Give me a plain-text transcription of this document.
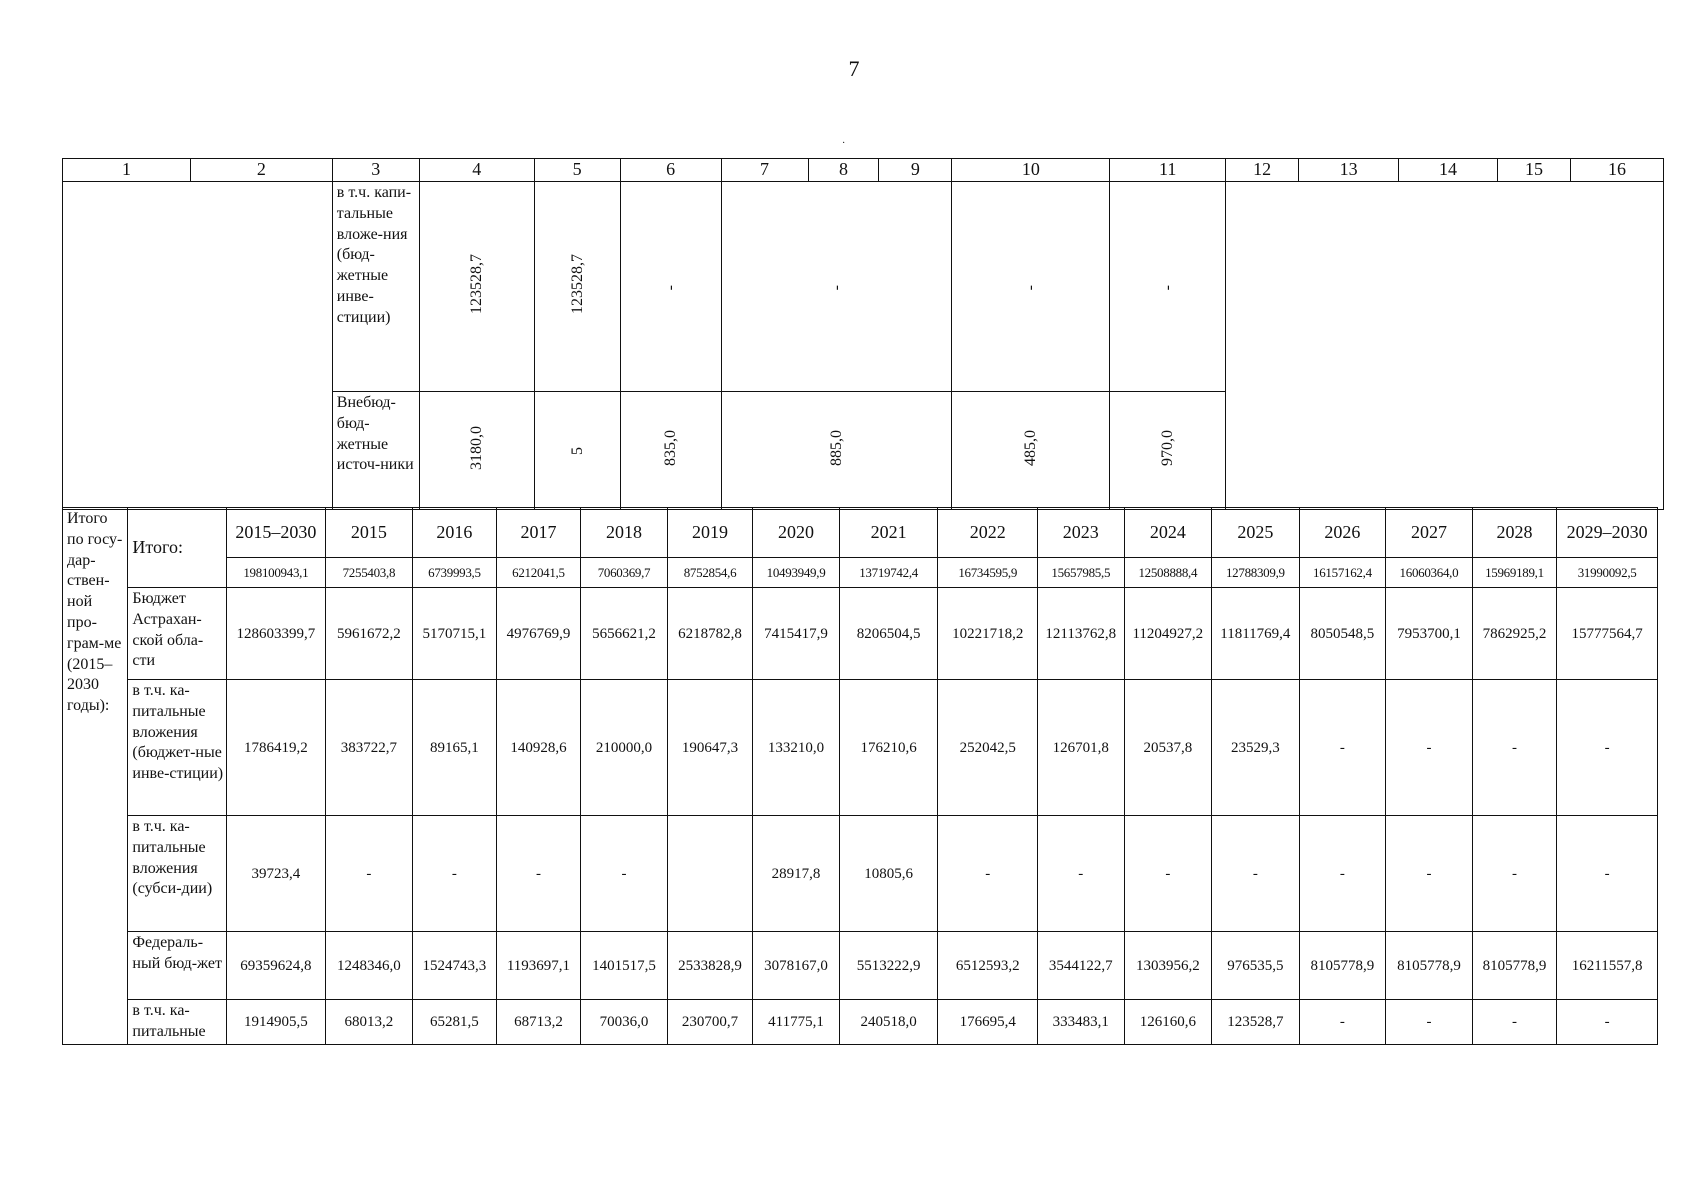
7
·
1	2	3	4	5	6	7	8	9	10	11	12	13	14	15	16
		в т.ч. капи-тальные вложе-ния (бюд-жетные инве-стиции)	123528,7	123528,7	-	-			-	-					
		Внебюд-бюд-жетные источ-ники	3180,0	5	835,0	885,0			485,0	970,0					
Итого по госу-дар-ствен-ной про-грам-ме (2015–2030 годы):	Итого:	2015–2030	2015	2016	2017	2018	2019	2020	2021	2022	2023	2024	2025	2026	2027	2028	2029–2030
		198100943,1	7255403,8	6739993,5	6212041,5	7060369,7	8752854,6	10493949,9	13719742,4	16734595,9	15657985,5	12508888,4	12788309,9	16157162,4	16060364,0	15969189,1	31990092,5
	Бюджет Астрахан-ской обла-сти	128603399,7	5961672,2	5170715,1	4976769,9	5656621,2	6218782,8	7415417,9	8206504,5	10221718,2	12113762,8	11204927,2	11811769,4	8050548,5	7953700,1	7862925,2	15777564,7
	в т.ч. ка-питальные вложения (бюджет-ные инве-стиции)	1786419,2	383722,7	89165,1	140928,6	210000,0	190647,3	133210,0	176210,6	252042,5	126701,8	20537,8	23529,3	-	-	-	-
	в т.ч. ка-питальные вложения (субси-дии)	39723,4	-	-	-	-		28917,8	10805,6	-	-	-	-	-	-	-	-
	Федераль-ный бюд-жет	69359624,8	1248346,0	1524743,3	1193697,1	1401517,5	2533828,9	3078167,0	5513222,9	6512593,2	3544122,7	1303956,2	976535,5	8105778,9	8105778,9	8105778,9	16211557,8
	в т.ч. ка-питальные	1914905,5	68013,2	65281,5	68713,2	70036,0	230700,7	411775,1	240518,0	176695,4	333483,1	126160,6	123528,7	-	-	-	-
